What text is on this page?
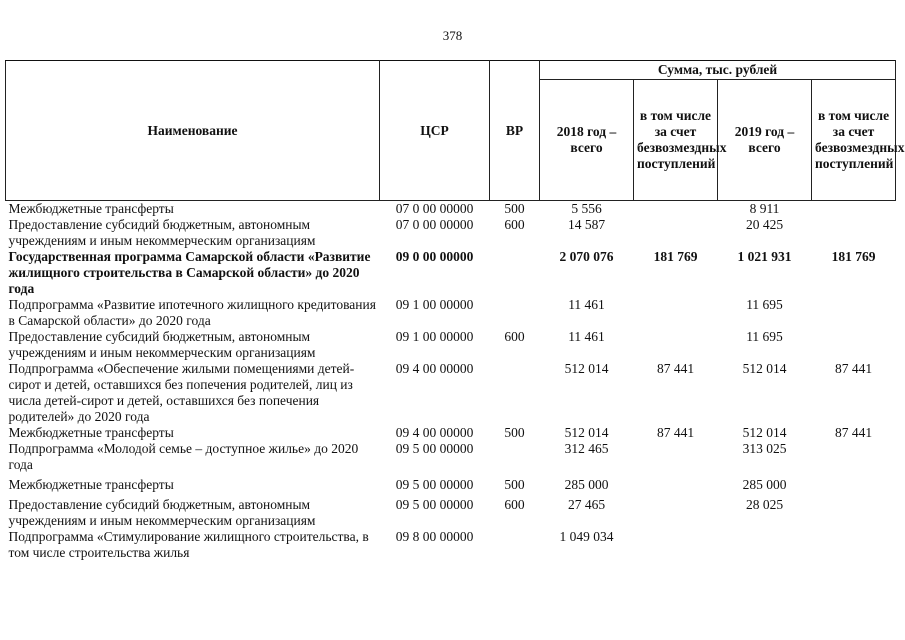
378
Наименование	ЦСР	ВР	Сумма, тыс. рублей			
			2018 год – всего	в том числе за счет безвозмездных поступлений	2019 год – всего	в том числе за счет безвозмездных поступлений
Межбюджетные трансферты	07 0 00 00000	500	5 556		8 911	
Предоставление субсидий бюджетным, автономным учреждениям и иным некоммерческим организациям	07 0 00 00000	600	14 587		20 425	
Государственная программа Самарской области «Развитие жилищного строительства в Самарской области» до 2020 года	09 0 00 00000		2 070 076	181 769	1 021 931	181 769
Подпрограмма «Развитие ипотечного жилищного кредитования в Самарской области» до 2020 года	09 1 00 00000		11 461		11 695	
Предоставление субсидий бюджетным, автономным учреждениям и иным некоммерческим организациям	09 1 00 00000	600	11 461		11 695	
Подпрограмма «Обеспечение жилыми помещениями детей-сирот и детей, оставшихся без попечения родителей, лиц из числа детей-сирот и детей, оставшихся без попечения родителей» до 2020 года	09 4 00 00000		512 014	87 441	512 014	87 441
Межбюджетные трансферты	09 4 00 00000	500	512 014	87 441	512 014	87 441
Подпрограмма «Молодой семье – доступное жилье» до 2020 года	09 5 00 00000		312 465		313 025	
Межбюджетные трансферты	09 5 00 00000	500	285 000		285 000	
Предоставление субсидий бюджетным, автономным учреждениям и иным некоммерческим организациям	09 5 00 00000	600	27 465		28 025	
Подпрограмма «Стимулирование жилищного строительства, в том числе строительства жилья	09 8 00 00000		1 049 034			
